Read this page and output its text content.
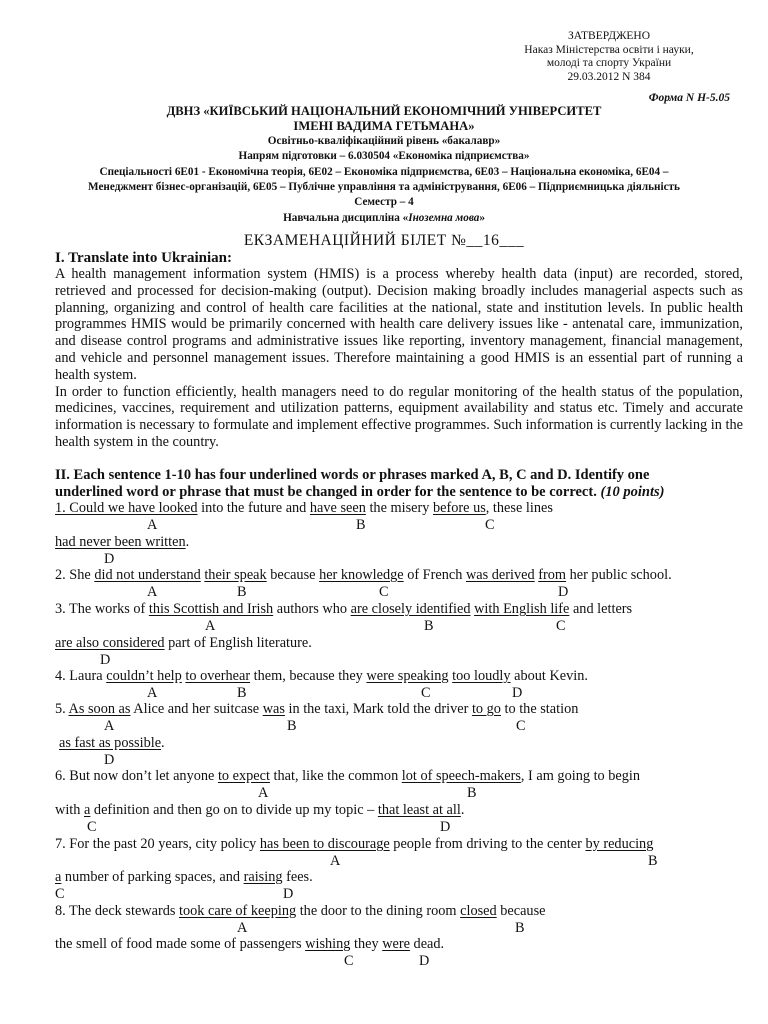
ЗАТВЕРДЖЕНО
Наказ Міністерства освіти і науки,
молоді та спорту України
29.03.2012 N 384
Форма N Н-5.05
ДВНЗ «КИЇВСЬКИЙ НАЦІОНАЛЬНИЙ ЕКОНОМІЧНИЙ УНІВЕРСИТЕТ
ІМЕНІ ВАДИМА ГЕТЬМАНА»
Освітньо-кваліфікаційний рівень «бакалавр»
Напрям підготовки – 6.030504 «Економіка підприємства»
Спеціальності 6Е01 - Економічна теорія, 6Е02 – Економіка підприємства, 6Е03 – Національна економіка, 6Е04 –
Менеджмент бізнес-організацій, 6Е05 – Публічне управління та адміністрування, 6Е06 – Підприємницька діяльність
Семестр – 4
Навчальна дисципліна «Іноземна мова»
ЕКЗАМЕНАЦІЙНИЙ БІЛЕТ №__16___
I. Translate into Ukrainian:

A health management information system (HMIS) is a process whereby health data (input) are recorded, stored, retrieved and processed for decision-making (output). Decision making broadly includes managerial aspects such as planning, organizing and control of health care facilities at the national, state and institution levels. In public health programmes HMIS would be primarily concerned with health care delivery issues like - antenatal care, immunization, and disease control programs and administrative issues like reporting, inventory management, financial management, and vehicle and personnel management issues. Therefore maintaining a good HMIS is an essential part of running a health system.

In order to function efficiently, health managers need to do regular monitoring of the health status of the population, medicines, vaccines, requirement and utilization patterns, equipment availability and status etc. Timely and accurate information is necessary to formulate and implement effective programmes. Such information is currently lacking in the health system in the country.

II. Each sentence 1-10 has four underlined words or phrases marked A, B, C and D. Identify one
underlined word or phrase that must be changed in order for the sentence to be correct. (10 points)
1. Could we have looked into the future and have seen the misery before us, these lines
A	B	C
had never been written.
D
2. She did not understand their speak because her knowledge of French was derived from her public school.
A	B	C	D
3. The works of this Scottish and Irish authors who are closely identified with English life and letters
A	B	C
are also considered part of English literature.
D
4. Laura couldn’t help to overhear them, because they were speaking too loudly about Kevin.
A	B	C	D
5. As soon as Alice and her suitcase was in the taxi, Mark told the driver to go to the station
A	B	C
as fast as possible.
D
6. But now don’t let anyone to expect that, like the common lot of speech-makers, I am going to begin
A	B
with a definition and then go on to divide up my topic – that least at all.
C	D
7. For the past 20 years, city policy has been to discourage people from driving to the center by reducing
A	B
a number of parking spaces, and raising fees.
C	D
8. The deck stewards took care of keeping the door to the dining room closed because
A	B
the smell of food made some of passengers wishing they were dead.
C	D
